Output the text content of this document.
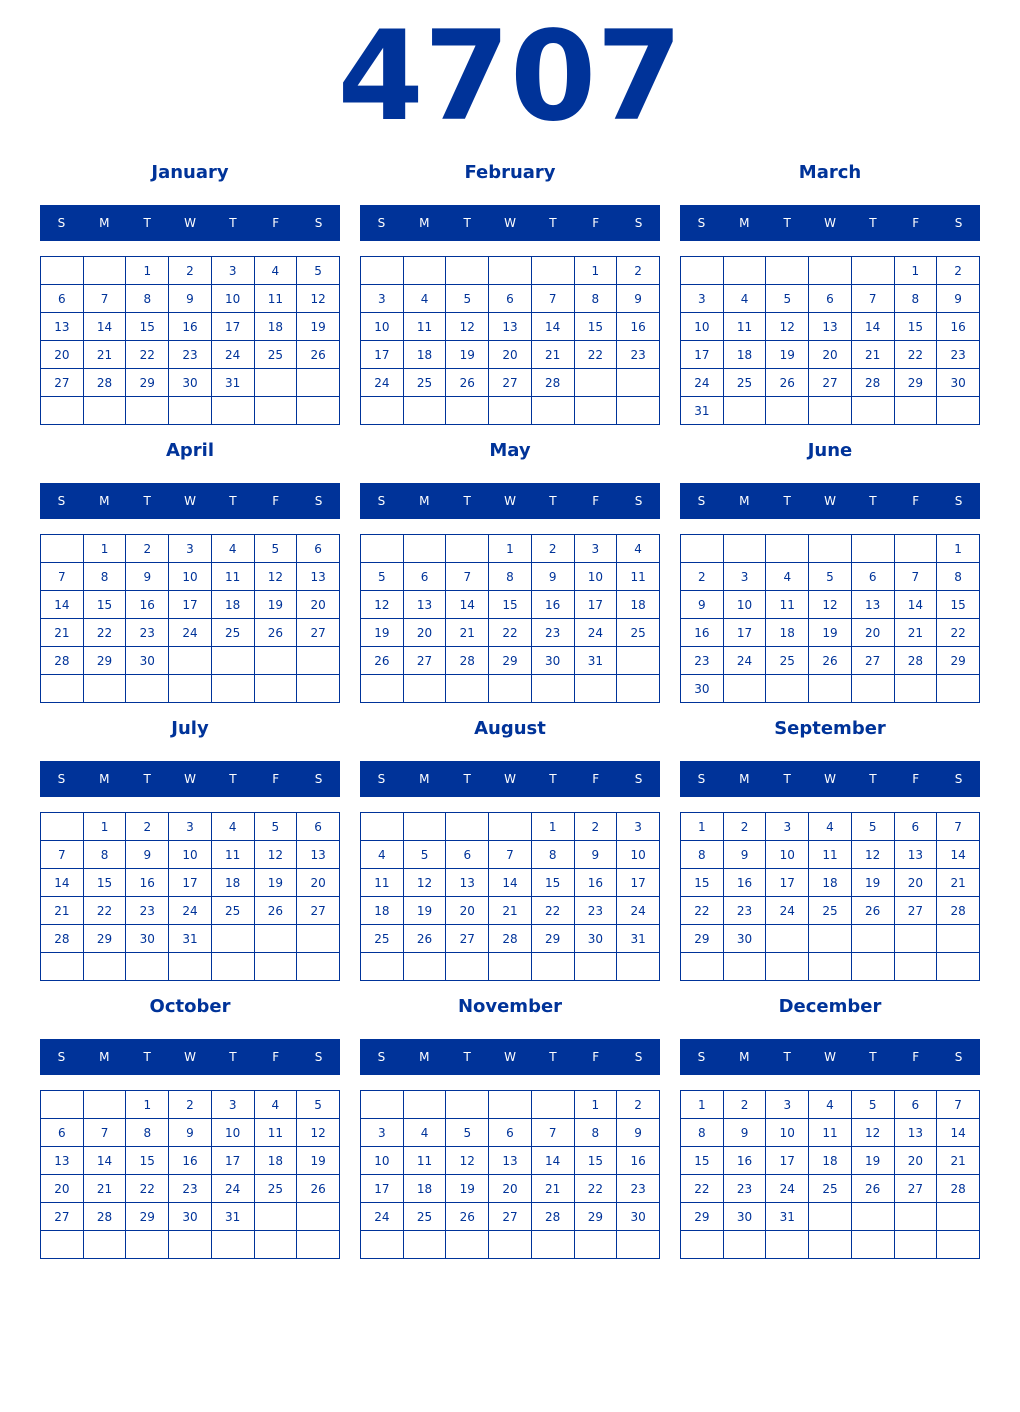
4707
January
S	M	T	W	T	F	S
		1	2	3	4	5
6	7	8	9	10	11	12
13	14	15	16	17	18	19
20	21	22	23	24	25	26
27	28	29	30	31		

February
S	M	T	W	T	F	S
					1	2
3	4	5	6	7	8	9
10	11	12	13	14	15	16
17	18	19	20	21	22	23
24	25	26	27	28		

March
S	M	T	W	T	F	S
					1	2
3	4	5	6	7	8	9
10	11	12	13	14	15	16
17	18	19	20	21	22	23
24	25	26	27	28	29	30
31						
April
S	M	T	W	T	F	S
	1	2	3	4	5	6
7	8	9	10	11	12	13
14	15	16	17	18	19	20
21	22	23	24	25	26	27
28	29	30				

May
S	M	T	W	T	F	S
			1	2	3	4
5	6	7	8	9	10	11
12	13	14	15	16	17	18
19	20	21	22	23	24	25
26	27	28	29	30	31	

June
S	M	T	W	T	F	S
						1
2	3	4	5	6	7	8
9	10	11	12	13	14	15
16	17	18	19	20	21	22
23	24	25	26	27	28	29
30						
July
S	M	T	W	T	F	S
	1	2	3	4	5	6
7	8	9	10	11	12	13
14	15	16	17	18	19	20
21	22	23	24	25	26	27
28	29	30	31			

August
S	M	T	W	T	F	S
				1	2	3
4	5	6	7	8	9	10
11	12	13	14	15	16	17
18	19	20	21	22	23	24
25	26	27	28	29	30	31

September
S	M	T	W	T	F	S
1	2	3	4	5	6	7
8	9	10	11	12	13	14
15	16	17	18	19	20	21
22	23	24	25	26	27	28
29	30					

October
S	M	T	W	T	F	S
		1	2	3	4	5
6	7	8	9	10	11	12
13	14	15	16	17	18	19
20	21	22	23	24	25	26
27	28	29	30	31		

November
S	M	T	W	T	F	S
					1	2
3	4	5	6	7	8	9
10	11	12	13	14	15	16
17	18	19	20	21	22	23
24	25	26	27	28	29	30

December
S	M	T	W	T	F	S
1	2	3	4	5	6	7
8	9	10	11	12	13	14
15	16	17	18	19	20	21
22	23	24	25	26	27	28
29	30	31				
